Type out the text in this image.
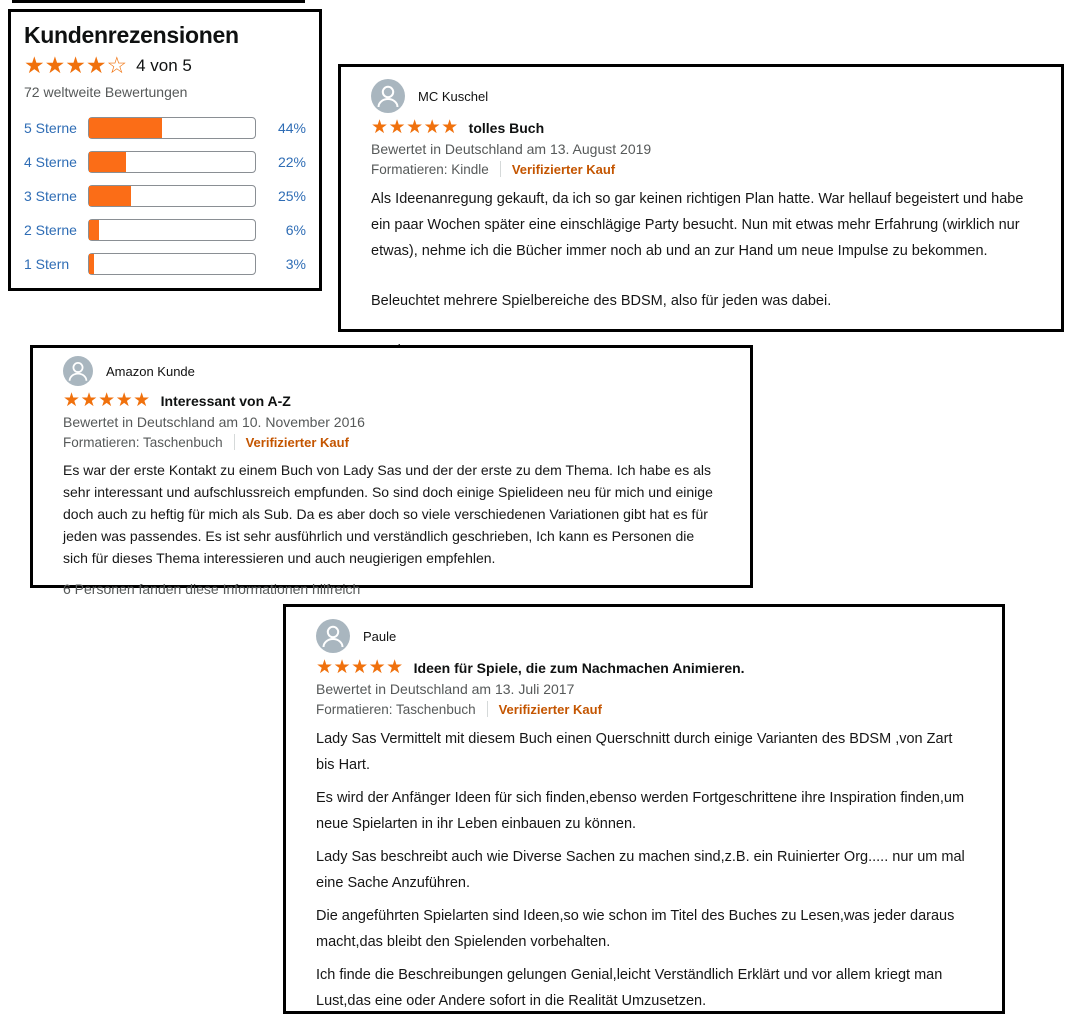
Kundenrezensionen
★★★★☆ 4 von 5
72 weltweite Bewertungen
5 Sterne	44%
4 Sterne	22%
3 Sterne	25%
2 Sterne	6%
1 Stern	3%
MC Kuschel
★★★★★ tolles Buch
Bewertet in Deutschland am 13. August 2019
Formatieren: Kindle Verifizierter Kauf

Als Ideenanregung gekauft, da ich so gar keinen richtigen Plan hatte. War hellauf begeistert und habe ein paar Wochen später eine einschlägige Party besucht. Nun mit etwas mehr Erfahrung (wirklich nur etwas), nehme ich die Bücher immer noch ab und an zur Hand um neue Impulse zu bekommen.

Beleuchtet mehrere Spielbereiche des BDSM, also für jeden was dabei.

Amazon Kunde
★★★★★ Interessant von A-Z
Bewertet in Deutschland am 10. November 2016
Formatieren: Taschenbuch Verifizierter Kauf

Es war der erste Kontakt zu einem Buch von Lady Sas und der der erste zu dem Thema. Ich habe es als sehr interessant und aufschlussreich empfunden. So sind doch einige Spielideen neu für mich und einige doch auch zu heftig für mich als Sub. Da es aber doch so viele verschiedenen Variationen gibt hat es für jeden was passendes. Es ist sehr ausführlich und verständlich geschrieben, Ich kann es Personen die sich für dieses Thema interessieren und auch neugierigen empfehlen.

6 Personen fanden diese Informationen hilfreich
Paule
★★★★★ Ideen für Spiele, die zum Nachmachen Animieren.
Bewertet in Deutschland am 13. Juli 2017
Formatieren: Taschenbuch Verifizierter Kauf

Lady Sas Vermittelt mit diesem Buch einen Querschnitt durch einige Varianten des BDSM ,von Zart bis Hart.

Es wird der Anfänger Ideen für sich finden,ebenso werden Fortgeschrittene ihre Inspiration finden,um neue Spielarten in ihr Leben einbauen zu können.

Lady Sas beschreibt auch wie Diverse Sachen zu machen sind,z.B. ein Ruinierter Org..... nur um mal eine Sache Anzuführen.

Die angeführten Spielarten sind Ideen,so wie schon im Titel des Buches zu Lesen,was jeder daraus macht,das bleibt den Spielenden vorbehalten.

Ich finde die Beschreibungen gelungen Genial,leicht Verständlich Erklärt und vor allem kriegt man Lust,das eine oder Andere sofort in die Realität Umzusetzen.
